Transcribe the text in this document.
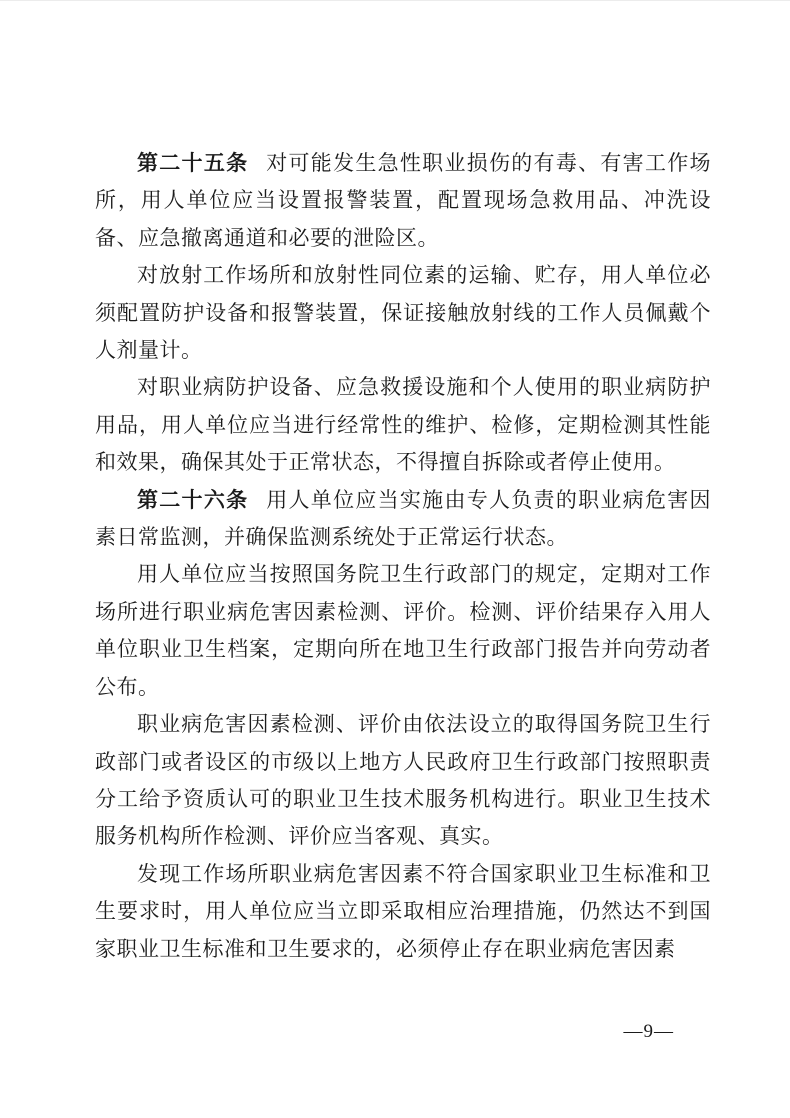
第二十五条 对可能发生急性职业损伤的有毒、有害工作场所，用人单位应当设置报警装置，配置现场急救用品、冲洗设备、应急撤离通道和必要的泄险区。

对放射工作场所和放射性同位素的运输、贮存，用人单位必须配置防护设备和报警装置，保证接触放射线的工作人员佩戴个人剂量计。

对职业病防护设备、应急救援设施和个人使用的职业病防护用品，用人单位应当进行经常性的维护、检修，定期检测其性能和效果，确保其处于正常状态，不得擅自拆除或者停止使用。

第二十六条 用人单位应当实施由专人负责的职业病危害因素日常监测，并确保监测系统处于正常运行状态。

用人单位应当按照国务院卫生行政部门的规定，定期对工作场所进行职业病危害因素检测、评价。检测、评价结果存入用人单位职业卫生档案，定期向所在地卫生行政部门报告并向劳动者公布。

职业病危害因素检测、评价由依法设立的取得国务院卫生行政部门或者设区的市级以上地方人民政府卫生行政部门按照职责分工给予资质认可的职业卫生技术服务机构进行。职业卫生技术服务机构所作检测、评价应当客观、真实。

发现工作场所职业病危害因素不符合国家职业卫生标准和卫生要求时，用人单位应当立即采取相应治理措施，仍然达不到国家职业卫生标准和卫生要求的，必须停止存在职业病危害因素

—9—
